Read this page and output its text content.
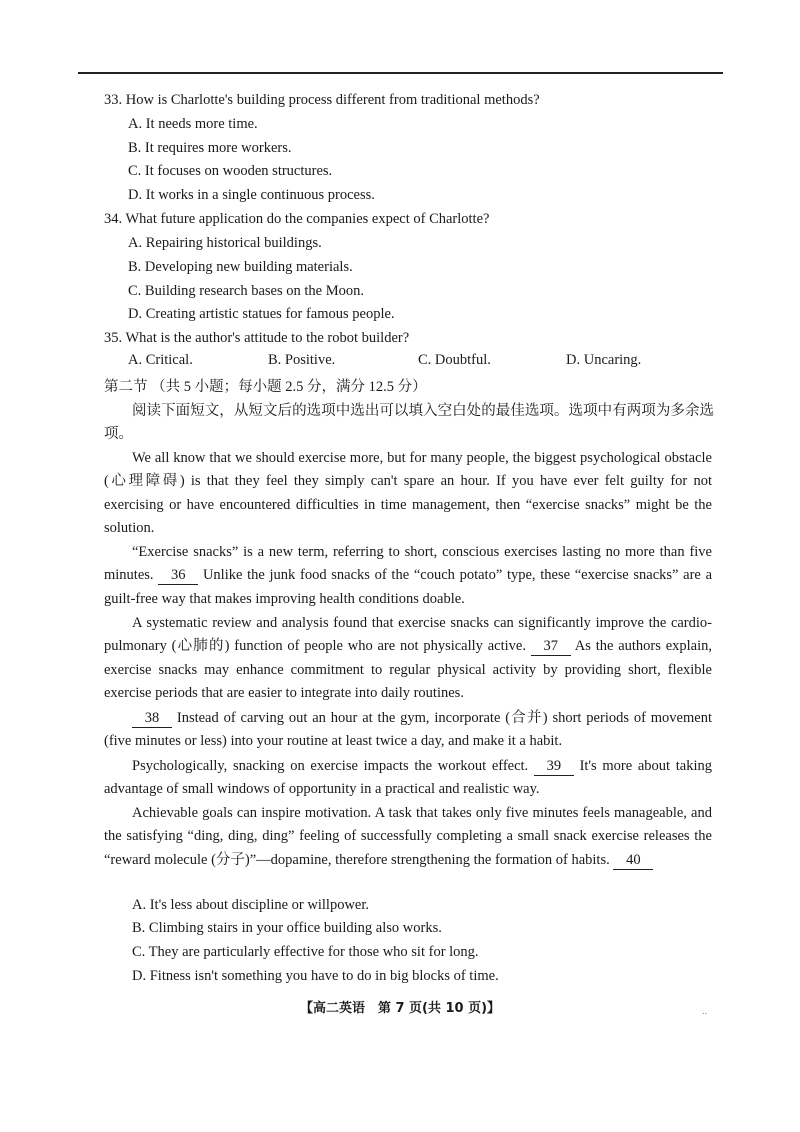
33. How is Charlotte's building process different from traditional methods?
A. It needs more time.
B. It requires more workers.
C. It focuses on wooden structures.
D. It works in a single continuous process.
34. What future application do the companies expect of Charlotte?
A. Repairing historical buildings.
B. Developing new building materials.
C. Building research bases on the Moon.
D. Creating artistic statues for famous people.
35. What is the author's attitude to the robot builder?
A. Critical.	B. Positive.	C. Doubtful.	D. Uncaring.
第二节 （共 5 小题；每小题 2.5 分，满分 12.5 分）

阅读下面短文，从短文后的选项中选出可以填入空白处的最佳选项。选项中有两项为多余选项。

We all know that we should exercise more, but for many people, the biggest psychological obstacle (心理障碍) is that they feel they simply can't spare an hour. If you have ever felt guilty for not exercising or have encountered difficulties in time management, then “exercise snacks” might be the solution.

“Exercise snacks” is a new term, referring to short, conscious exercises lasting no more than five minutes. 36 Unlike the junk food snacks of the “couch potato” type, these “exercise snacks” are a guilt-free way that makes improving health conditions doable.

A systematic review and analysis found that exercise snacks can significantly improve the cardio-pulmonary (心肺的) function of people who are not physically active. 37 As the authors explain, exercise snacks may enhance commitment to regular physical activity by providing short, flexible exercise periods that are easier to integrate into daily routines.

38 Instead of carving out an hour at the gym, incorporate (合并) short periods of movement (five minutes or less) into your routine at least twice a day, and make it a habit.

Psychologically, snacking on exercise impacts the workout effect. 39 It's more about taking advantage of small windows of opportunity in a practical and realistic way.

Achievable goals can inspire motivation. A task that takes only five minutes feels manageable, and the satisfying “ding, ding, ding” feeling of successfully completing a small snack exercise releases the “reward molecule (分子)”—dopamine, therefore strengthening the formation of habits. 40

A. It's less about discipline or willpower.
B. Climbing stairs in your office building also works.
C. They are particularly effective for those who sit for long.
D. Fitness isn't something you have to do in big blocks of time.
【高二英语　第 7 页(共 10 页)】	..
